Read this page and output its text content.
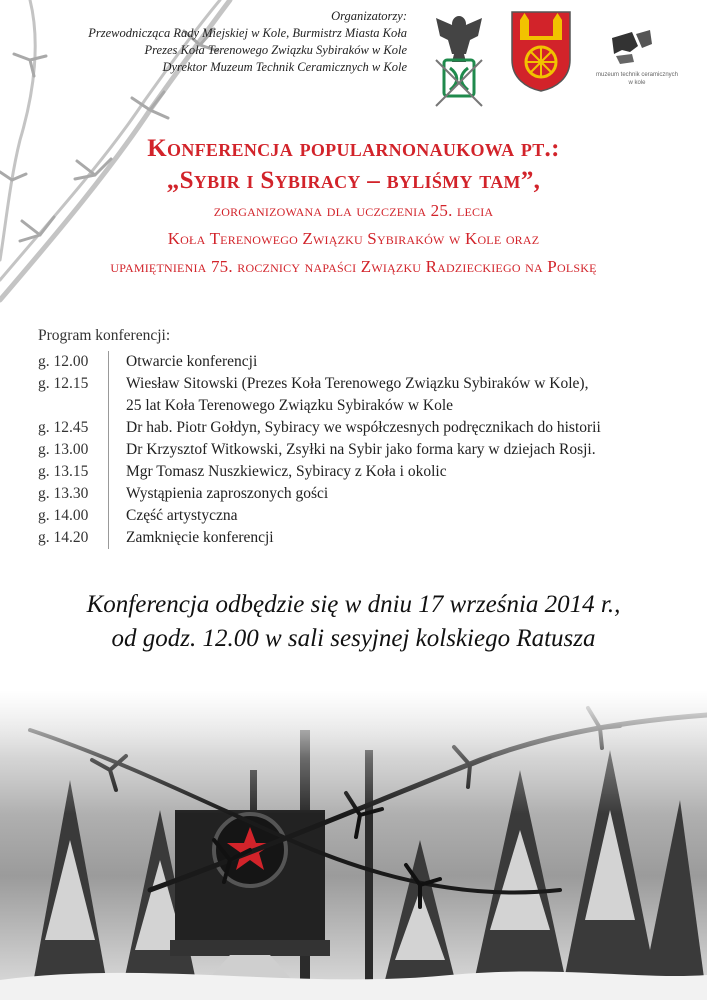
Organizatorzy:
Przewodnicząca Rady Miejskiej w Kole, Burmistrz Miasta Koła
Prezes Koła Terenowego Związku Sybiraków w Kole
Dyrektor Muzeum Technik Ceramicznych w Kole
muzeum technik ceramicznych
w kole
Konferencja popularnonaukowa pt.:
„Sybir i Sybiracy – byliśmy tam”,
zorganizowana dla uczczenia 25. lecia
Koła Terenowego Związku Sybiraków w Kole oraz
upamiętnienia 75. rocznicy napaści Związku Radzieckiego na Polskę
Program konferencji:
g. 12.00	Otwarcie konferencji
g. 12.15	Wiesław Sitowski (Prezes Koła Terenowego Związku Sybiraków w Kole),
25 lat Koła Terenowego Związku Sybiraków w Kole
g. 12.45	Dr hab. Piotr Gołdyn, Sybiracy we współczesnych podręcznikach do historii
g. 13.00	Dr Krzysztof Witkowski, Zsyłki na Sybir jako forma kary w dziejach Rosji.
g. 13.15	Mgr Tomasz Nuszkiewicz, Sybiracy z Koła i okolic
g. 13.30	Wystąpienia zaproszonych gości
g. 14.00	Część artystyczna
g. 14.20	Zamknięcie konferencji
Konferencja odbędzie się w dniu 17 września 2014 r.,
od godz. 12.00 w sali sesyjnej kolskiego Ratusza
